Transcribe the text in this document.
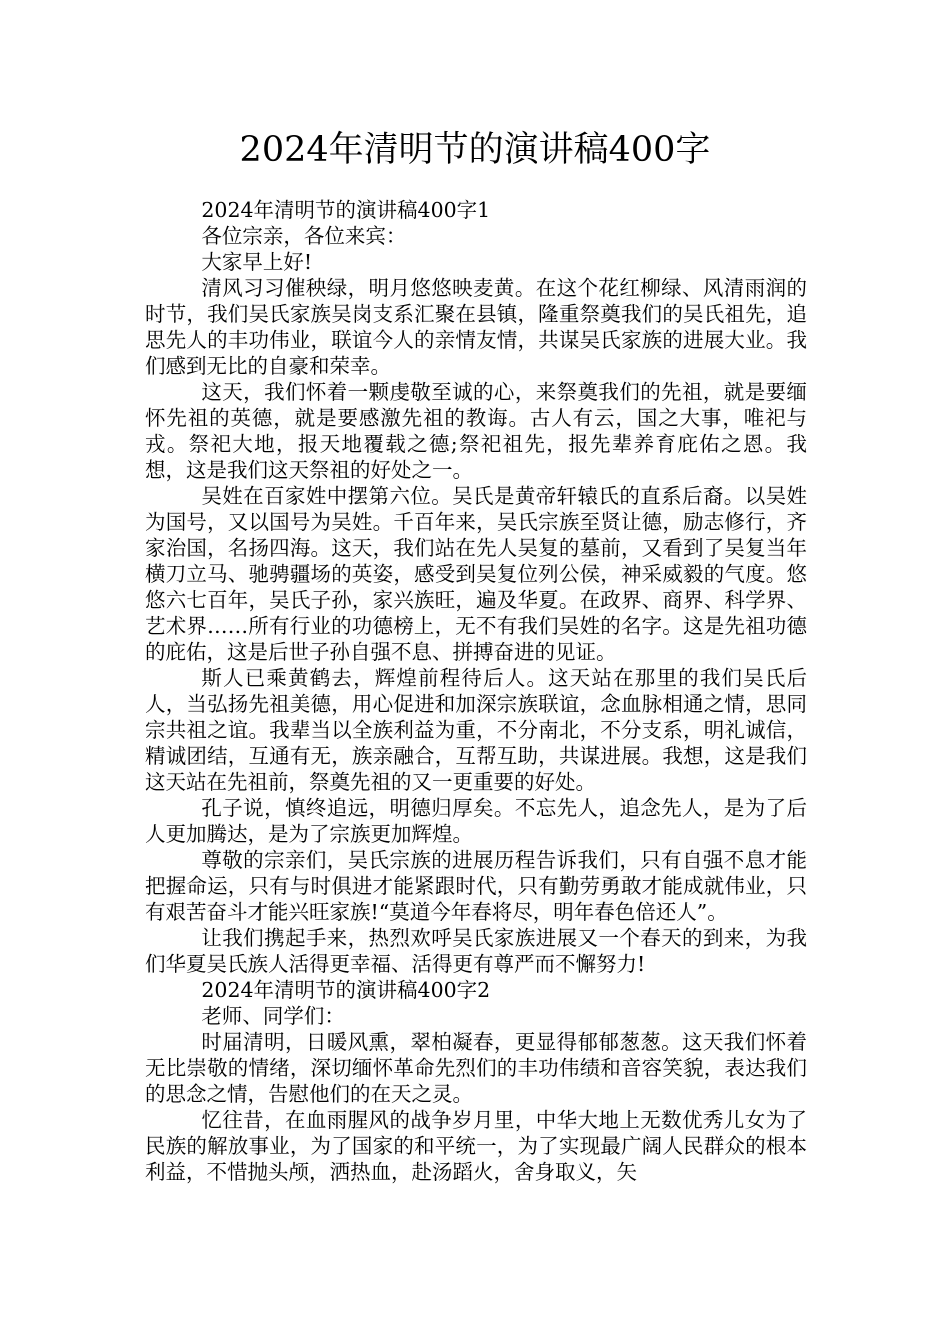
2024年清明节的演讲稿400字

2024年清明节的演讲稿400字1

各位宗亲，各位来宾：

大家早上好!

清风习习催秧绿，明月悠悠映麦黄。在这个花红柳绿、风清雨润的时节，我们吴氏家族吴岗支系汇聚在县镇，隆重祭奠我们的吴氏祖先，追思先人的丰功伟业，联谊今人的亲情友情，共谋吴氏家族的进展大业。我们感到无比的自豪和荣幸。

这天，我们怀着一颗虔敬至诚的心，来祭奠我们的先祖，就是要缅怀先祖的英德，就是要感激先祖的教诲。古人有云，国之大事，唯祀与戎。祭祀大地，报天地覆载之德;祭祀祖先，报先辈养育庇佑之恩。我想，这是我们这天祭祖的好处之一。

吴姓在百家姓中摆第六位。吴氏是黄帝轩辕氏的直系后裔。以吴姓为国号，又以国号为吴姓。千百年来，吴氏宗族至贤让德，励志修行，齐家治国，名扬四海。这天，我们站在先人吴复的墓前，又看到了吴复当年横刀立马、驰骋疆场的英姿，感受到吴复位列公侯，神采威毅的气度。悠悠六七百年，吴氏子孙，家兴族旺，遍及华夏。在政界、商界、科学界、艺术界……所有行业的功德榜上，无不有我们吴姓的名字。这是先祖功德的庇佑，这是后世子孙自强不息、拼搏奋进的见证。

斯人已乘黄鹤去，辉煌前程待后人。这天站在那里的我们吴氏后人，当弘扬先祖美德，用心促进和加深宗族联谊，念血脉相通之情，思同宗共祖之谊。我辈当以全族利益为重，不分南北，不分支系，明礼诚信，精诚团结，互通有无，族亲融合，互帮互助，共谋进展。我想，这是我们这天站在先祖前，祭奠先祖的又一更重要的好处。

孔子说，慎终追远，明德归厚矣。不忘先人，追念先人，是为了后人更加腾达，是为了宗族更加辉煌。

尊敬的宗亲们，吴氏宗族的进展历程告诉我们，只有自强不息才能把握命运，只有与时俱进才能紧跟时代，只有勤劳勇敢才能成就伟业，只有艰苦奋斗才能兴旺家族!“莫道今年春将尽，明年春色倍还人”。

让我们携起手来，热烈欢呼吴氏家族进展又一个春天的到来，为我们华夏吴氏族人活得更幸福、活得更有尊严而不懈努力!

2024年清明节的演讲稿400字2

老师、同学们：

时届清明，日暖风熏，翠柏凝春，更显得郁郁葱葱。这天我们怀着无比崇敬的情绪，深切缅怀革命先烈们的丰功伟绩和音容笑貌，表达我们的思念之情，告慰他们的在天之灵。

忆往昔，在血雨腥风的战争岁月里，中华大地上无数优秀儿女为了民族的解放事业，为了国家的和平统一，为了实现最广阔人民群众的根本利益，不惜抛头颅，洒热血，赴汤蹈火，舍身取义，矢
